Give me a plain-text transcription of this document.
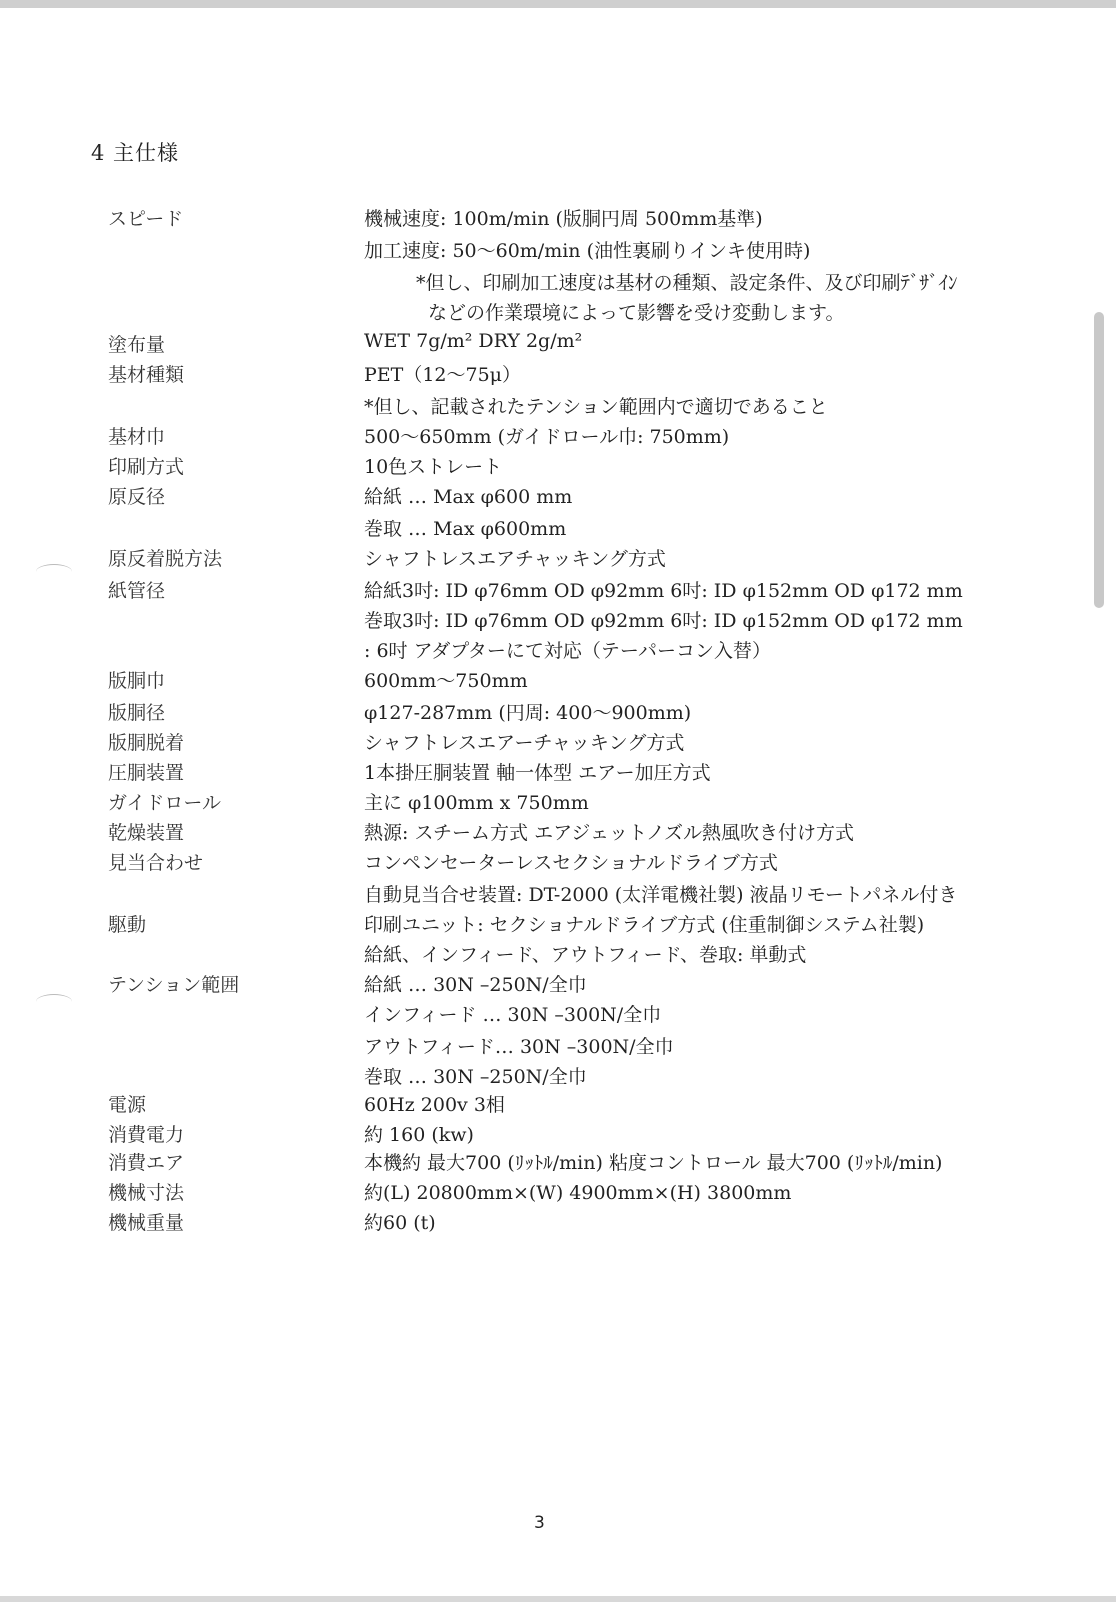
4 主仕様
スピード	機械速度: 100m/min (版胴円周 500mm基準)
加工速度: 50〜60m/min (油性裏刷りインキ使用時)
*但し、印刷加工速度は基材の種類、設定条件、及び印刷ﾃﾞｻﾞｲﾝ
などの作業環境によって影響を受け変動します。
塗布量	WET 7g/m² DRY 2g/m²
基材種類	PET（12〜75μ）
*但し、記載されたテンション範囲内で適切であること
基材巾	500〜650mm (ガイドロール巾: 750mm)
印刷方式	10色ストレート
原反径	給紙 … Max φ600 mm
巻取 … Max φ600mm
原反着脱方法	シャフトレスエアチャッキング方式
紙管径	給紙3吋: ID φ76mm OD φ92mm 6吋: ID φ152mm OD φ172 mm
巻取3吋: ID φ76mm OD φ92mm 6吋: ID φ152mm OD φ172 mm
: 6吋 アダプターにて対応（テーパーコン入替）
版胴巾	600mm〜750mm
版胴径	φ127-287mm (円周: 400〜900mm)
版胴脱着	シャフトレスエアーチャッキング方式
圧胴装置	1本掛圧胴装置 軸一体型 エアー加圧方式
ガイドロール	主に φ100mm x 750mm
乾燥装置	熱源: スチーム方式 エアジェットノズル熱風吹き付け方式
見当合わせ	コンペンセーターレスセクショナルドライブ方式
自動見当合せ装置: DT-2000 (太洋電機社製) 液晶リモートパネル付き
駆動	印刷ユニット: セクショナルドライブ方式 (住重制御システム社製)
給紙、インフィード、アウトフィード、巻取: 単動式
テンション範囲	給紙 … 30N –250N/全巾
インフィード … 30N –300N/全巾
アウトフィード… 30N –300N/全巾
巻取 … 30N –250N/全巾
電源	60Hz 200v 3相
消費電力	約 160 (kw)
消費エア	本機約 最大700 (ﾘｯﾄﾙ/min) 粘度コントロール 最大700 (ﾘｯﾄﾙ/min)
機械寸法	約(L) 20800mm×(W) 4900mm×(H) 3800mm
機械重量	約60 (t)
3
